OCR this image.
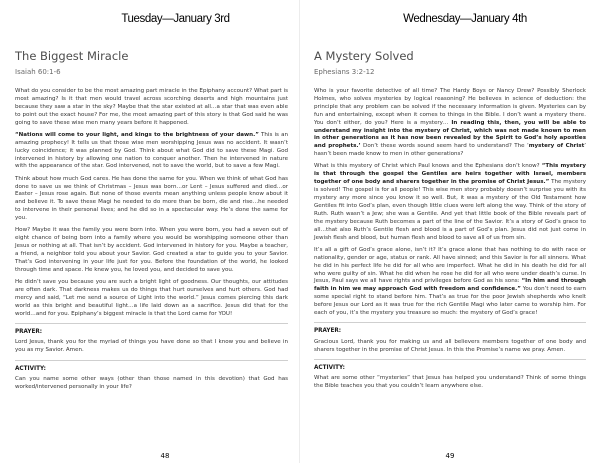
Tuesday—January 3rd
The Biggest Miracle
Isaiah 60:1-6

What do you consider to be the most amazing part miracle in the Epiphany account? What part is most amazing? Is it that men would travel across scorching deserts and high mountains just because they saw a star in the sky? Maybe that the star existed at all…a star that was even able to point out the exact house? For me, the most amazing part of this story is that God said he was going to save these wise men many years before it happened.

“Nations will come to your light, and kings to the brightness of your dawn.” This is an amazing prophecy! It tells us that those wise men worshipping Jesus was no accident. It wasn’t lucky coincidence; it was planned by God. Think about what God did to save these Magi. God intervened in history by allowing one nation to conquer another. Then he intervened in nature with the appearance of the star. God intervened, not to save the world, but to save a few Magi.

Think about how much God cares. He has done the same for you. When we think of what God has done to save us we think of Christmas – Jesus was born…or Lent – Jesus suffered and died…or Easter – Jesus rose again. But none of those events mean anything unless people know about it and believe it. To save these Magi he needed to do more than be born, die and rise…he needed to intervene in their personal lives; and he did so in a spectacular way. He’s done the same for you.

How? Maybe it was the family you were born into. When you were born, you had a seven out of eight chance of being born into a family where you would be worshipping someone other than Jesus or nothing at all. That isn’t by accident. God intervened in history for you. Maybe a teacher, a friend, a neighbor told you about your Savior. God created a star to guide you to your Savior. That’s God intervening in your life just for you. Before the foundation of the world, he looked through time and space. He knew you, he loved you, and decided to save you.

He didn’t save you because you are such a bright light of goodness. Our thoughts, our attitudes are often dark. That darkness makes us do things that hurt ourselves and hurt others. God had mercy and said, “Let me send a source of Light into the world.” Jesus comes piercing this dark world as this bright and beautiful light…a life laid down as a sacrifice. Jesus did that for the world…and for you. Epiphany’s biggest miracle is that the Lord came for YOU!

PRAYER:

Lord Jesus, thank you for the myriad of things you have done so that I know you and believe in you as my Savior. Amen.

ACTIVITY:

Can you name some other ways (other than those named in this devotion) that God has worked/intervened personally in your life?

48
Wednesday—January 4th
A Mystery Solved
Ephesians 3:2-12

Who is your favorite detective of all time? The Hardy Boys or Nancy Drew? Possibly Sherlock Holmes, who solves mysteries by logical reasoning? He believes in science of deduction: the principle that any problem can be solved if the necessary information is given. Mysteries can by fun and entertaining, except when it comes to things in the Bible. I don’t want a mystery there. You don’t either, do you? Here is a mystery… In reading this, then, you will be able to understand my insight into the mystery of Christ, which was not made known to men in other generations as it has now been revealed by the Spirit to God’s holy apostles and prophets.’ Don’t these words sound seem hard to understand? The ‘mystery of Christ’ hasn’t been made know to men in other generations?

What is this mystery of Christ which Paul knows and the Ephesians don’t know? “This mystery is that through the gospel the Gentiles are heirs together with Israel, members together of one body and sharers together in the promise of Christ Jesus.” The mystery is solved! The gospel is for all people! This wise men story probably doesn’t surprise you with its mystery any more since you know it so well. But, it was a mystery of the Old Testament how Gentiles fit into God’s plan, even though little clues were left along the way. Think of the story of Ruth. Ruth wasn’t a Jew; she was a Gentile. And yet that little book of the Bible reveals part of the mystery because Ruth becomes a part of the line of the Savior. It’s a story of God’s grace to all…that also Ruth’s Gentile flesh and blood is a part of God’s plan. Jesus did not just come in Jewish flesh and blood, but human flesh and blood to save all of us from sin.

It’s all a gift of God’s grace alone, isn’t it? It’s grace alone that has nothing to do with race or nationality, gender or age, status or rank. All have sinned; and this Savior is for all sinners. What he did in his perfect life he did for all who are imperfect. What he did in his death he did for all who were guilty of sin. What he did when he rose he did for all who were under death’s curse. In Jesus, Paul says we all have rights and privileges before God as his sons: “In him and through faith in him we may approach God with freedom and confidence.” You don’t need to earn some special right to stand before him. That’s as true for the poor Jewish shepherds who knelt before Jesus our Lord as it was true for the rich Gentile Magi who later came to worship him. For each of you, it’s the mystery you treasure so much: the mystery of God’s grace!

PRAYER:

Gracious Lord, thank you for making us and all believers members together of one body and sharers together in the promise of Christ Jesus. In this the Promise’s name we pray. Amen.

ACTIVITY:

What are some other “mysteries” that Jesus has helped you understand? Think of some things the Bible teaches you that you couldn’t learn anywhere else.

49
